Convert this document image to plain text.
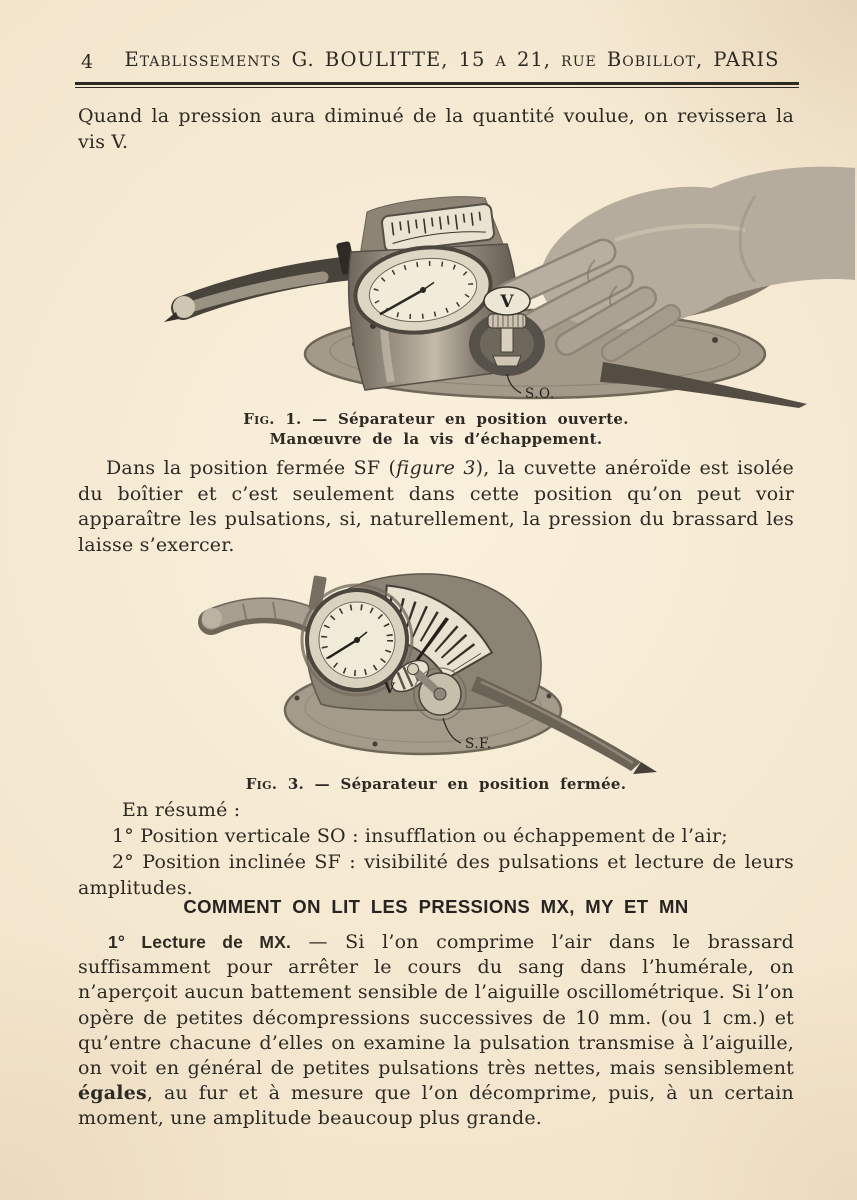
4	Etablissements G. BOULITTE, 15 a 21, rue Bobillot, PARIS
Quand la pression aura diminué de la quantité voulue, on revissera la vis V.
V
S.O.
Fig. 1. — Séparateur en position ouverte.
Manœuvre de la vis d’échappement.
Dans la position fermée SF (figure 3), la cuvette anéroïde est isolée du boîtier et c’est seulement dans cette position qu’on peut voir apparaître les pulsations, si, naturellement, la pression du brassard les laisse s’exercer.
V
S.F.
Fig. 3. — Séparateur en position fermée.
En résumé :
1° Position verticale SO : insufflation ou échappement de l’air;
2° Position inclinée SF : visibilité des pulsations et lecture de leurs amplitudes.
COMMENT ON LIT LES PRESSIONS MX, MY ET MN
1° Lecture de MX. — Si l’on comprime l’air dans le brassard suffisamment pour arrêter le cours du sang dans l’humérale, on n’aperçoit aucun battement sensible de l’aiguille oscillométrique. Si l’on opère de petites décompressions successives de 10 mm. (ou 1 cm.) et qu’entre chacune d’elles on examine la pulsation transmise à l’aiguille, on voit en général de petites pulsations très nettes, mais sensiblement égales, au fur et à mesure que l’on décomprime, puis, à un certain moment, une amplitude beaucoup plus grande.
